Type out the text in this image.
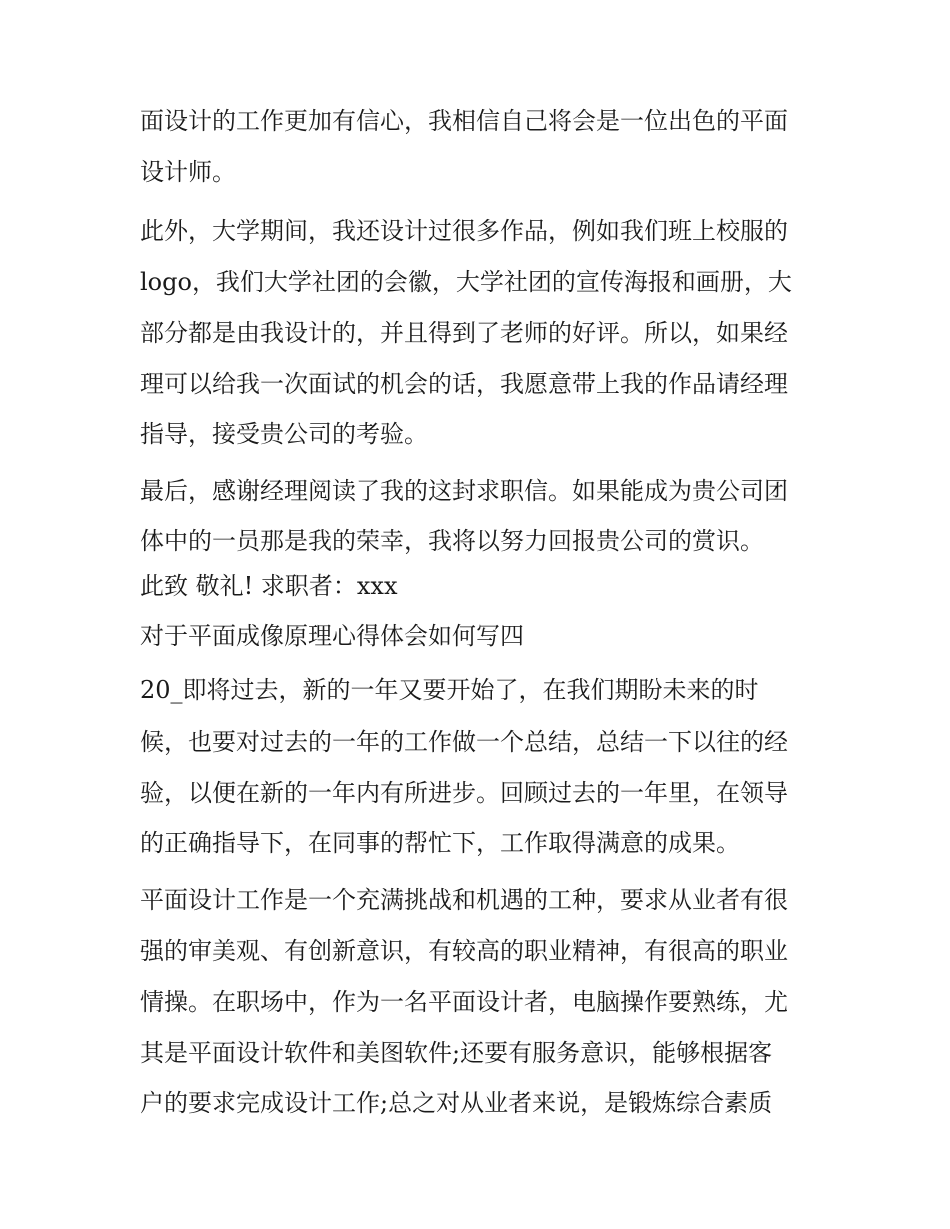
面设计的工作更加有信心，我相信自己将会是一位出色的平面
设计师。
此外，大学期间，我还设计过很多作品，例如我们班上校服的
logo，我们大学社团的会徽，大学社团的宣传海报和画册，大
部分都是由我设计的，并且得到了老师的好评。所以，如果经
理可以给我一次面试的机会的话，我愿意带上我的作品请经理
指导，接受贵公司的考验。
最后，感谢经理阅读了我的这封求职信。如果能成为贵公司团
体中的一员那是我的荣幸，我将以努力回报贵公司的赏识。
此致 敬礼! 求职者：xxx
对于平面成像原理心得体会如何写四
20_即将过去，新的一年又要开始了，在我们期盼未来的时
候，也要对过去的一年的工作做一个总结，总结一下以往的经
验，以便在新的一年内有所进步。回顾过去的一年里，在领导
的正确指导下，在同事的帮忙下，工作取得满意的成果。
平面设计工作是一个充满挑战和机遇的工种，要求从业者有很
强的审美观、有创新意识，有较高的职业精神，有很高的职业
情操。在职场中，作为一名平面设计者，电脑操作要熟练，尤
其是平面设计软件和美图软件;还要有服务意识，能够根据客
户的要求完成设计工作;总之对从业者来说，是锻炼综合素质
